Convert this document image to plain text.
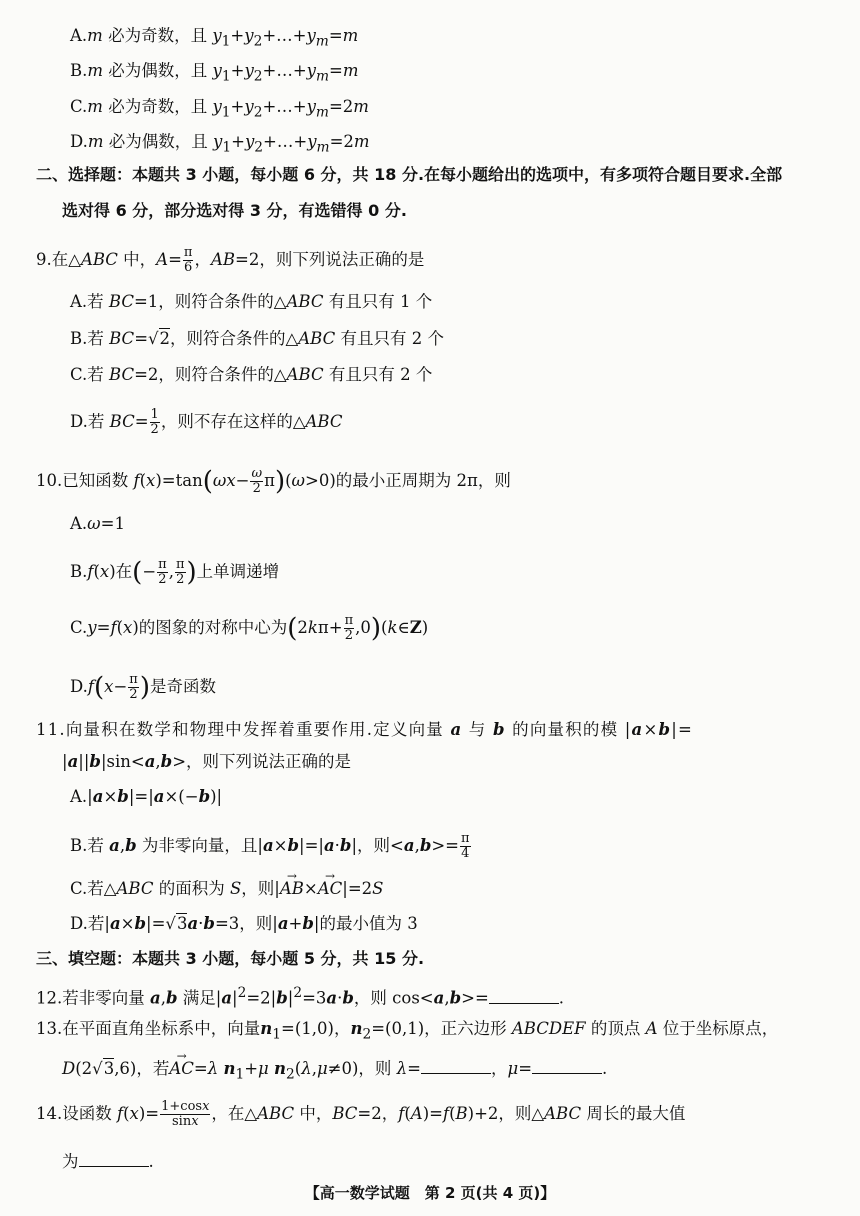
A.m 必为奇数，且 $y_1+y_2+\dots+y_m=m$
B.m 必为偶数，且 $y_1+y_2+\dots+y_m=m$
C.m 必为奇数，且 $y_1+y_2+\dots+y_m=2m$
D.m 必为偶数，且 $y_1+y_2+\dots+y_m=2m$
二、选择题：本题共 3 小题，每小题 6 分，共 18 分.在每小题给出的选项中，有多项符合题目要求.全部
选对得 6 分，部分选对得 3 分，有选错得 0 分.
9.在△ABC 中，$A= \frac{\pi}{6}$ ，AB=2，则下列说法正确的是
A.若 BC=1，则符合条件的△ABC 有且只有 1 个
B.若 BC=√2，则符合条件的△ABC 有且只有 2 个
C.若 BC=2，则符合条件的△ABC 有且只有 2 个
D.若 $BC= \frac{1}{2}$ ，则不存在这样的△ABC
10.已知函数 $f(x)=\tan(\omega x- \frac{\omega}{2} \pi)(\omega>0)$的最小正周期为 2π，则
A.ω=1
B.f(x)在(− $\frac{\pi}{2}$ , $\frac{\pi}{2}$ )上单调递增
C.y=f(x)的图象的对称中心为($2k\pi+ \frac{\pi}{2}$ ,0)(k∈Z)
$D.f(x- \frac{\pi}{2}$ )是奇函数
11.向量积在数学和物理中发挥着重要作用.定义向量 a 与 b 的向量积的模 |a×b|=
|a||b|sin<a,b>，则下列说法正确的是
A.|a×b|=|a×(−b)|
B.若 a,b 为非零向量，且|a×b|=|a·b|，则$<a,b>= \frac{\pi}{4}$
C.若△ABC 的面积为 S，则|→ AB×→ AC|=2S
D.若|a×b|=√3a·b=3，则|a+b|的最小值为 3
三、填空题：本题共 3 小题，每小题 5 分，共 15 分.
12.若非零向量 a,b 满足$|a|^2=2|b|^2=3a\cdot b$，则 cos<a,b>=	.
13.在平面直角坐标系中，向量$n_1=(1,0)$，$n_2=(0,1)$，正六边形 ABCDEF 的顶点 A 位于坐标原点，
D(2√3,6)，若→ AC=λ $n_1+\mu$ $n_2(\lambda,\mu\ne 0)$，则 λ=	，μ=	.
14.设函数 $f(x)= \frac{1+\cos x}{\sin x}$ ，在△ABC 中，BC=2，f(A)=f(B)+2，则△ABC 周长的最大值
为	.
【高一数学试题　第 2 页(共 4 页)】
